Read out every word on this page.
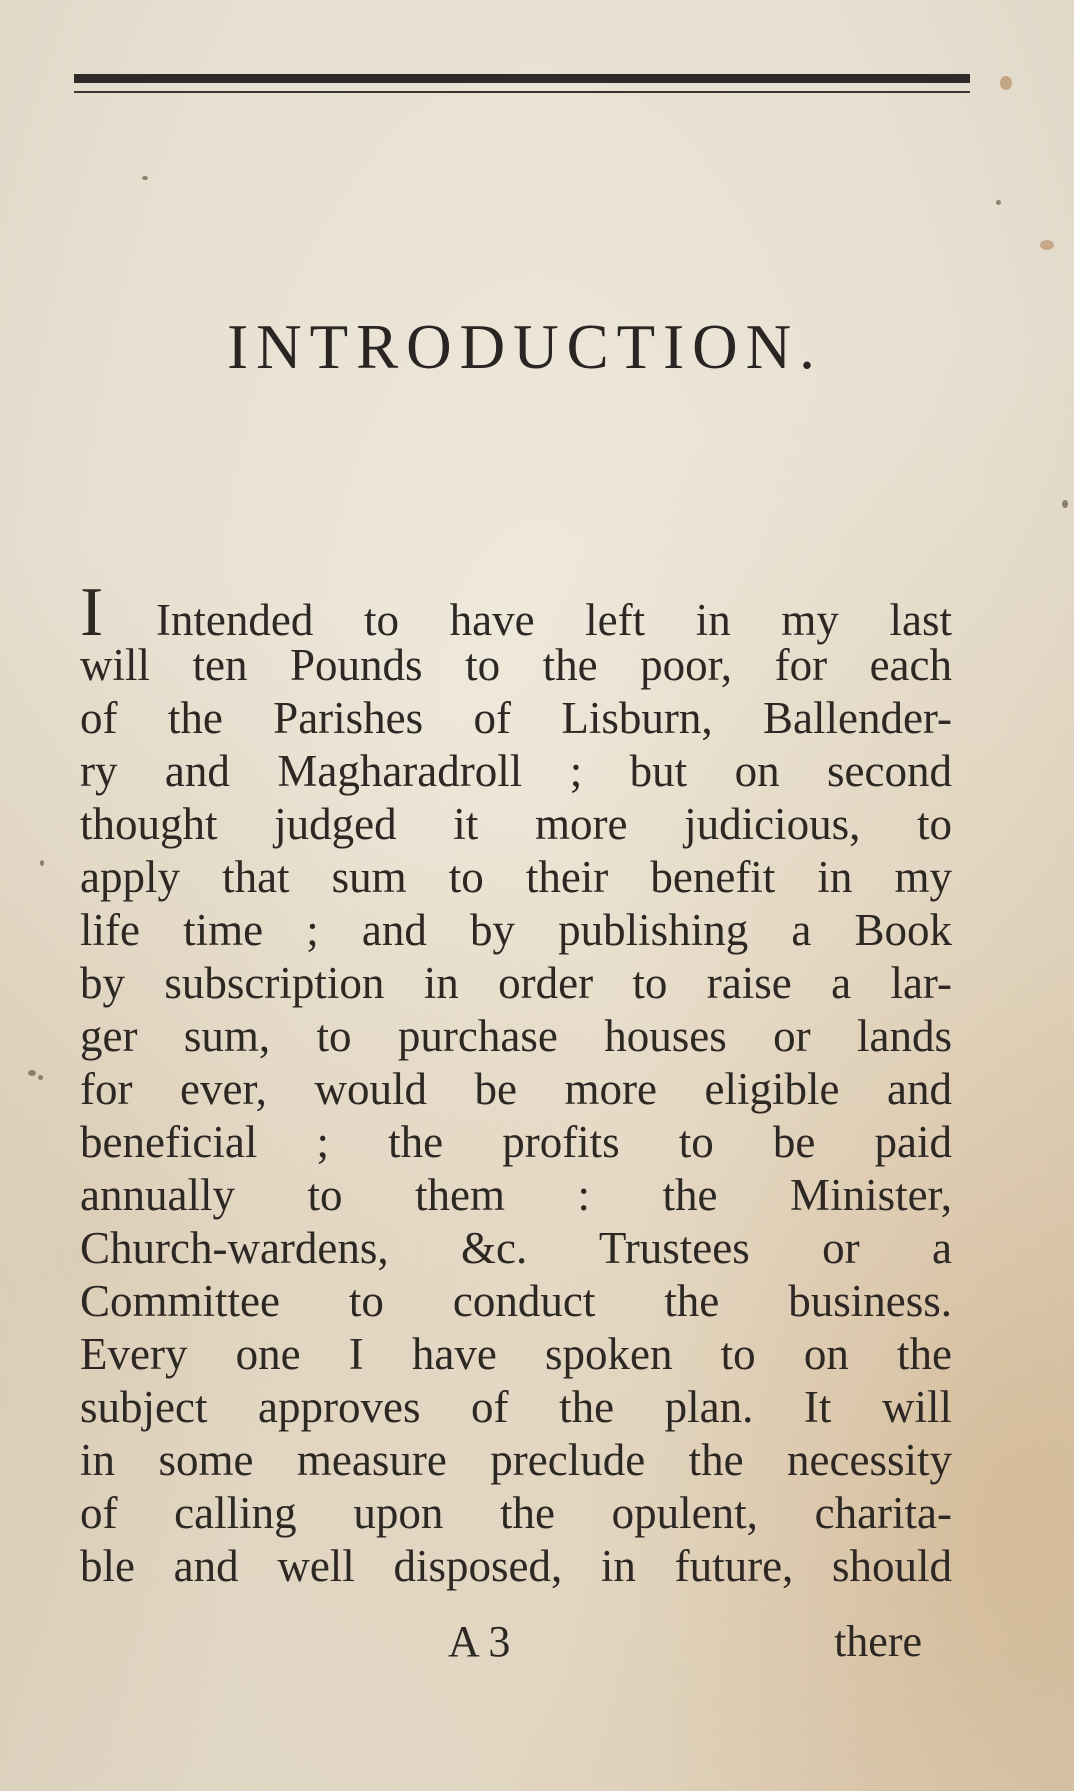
INTRODUCTION.
I Intended to have left in my last
will ten Pounds to the poor, for each
of the Parishes of Lisburn, Ballender-
ry and Magharadroll ; but on second
thought judged it more judicious, to
apply that sum to their benefit in my
life time ; and by publishing a Book
by subscription in order to raise a lar-
ger sum, to purchase houses or lands
for ever, would be more eligible and
beneficial ; the profits to be paid
annually to them : the Minister,
Church-wardens, &c. Trustees or a
Committee to conduct the business.
Every one I have spoken to on the
subject approves of the plan. It will
in some measure preclude the necessity
of calling upon the opulent, charita-
ble and well disposed, in future, should
A 3	there
